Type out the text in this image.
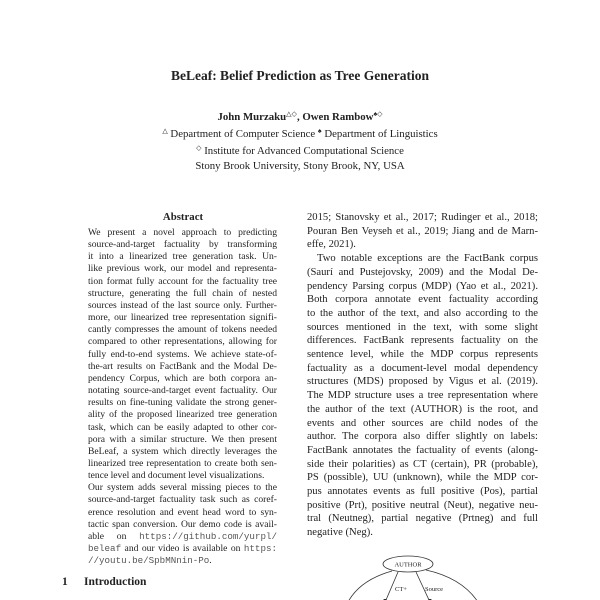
BeLeaf: Belief Prediction as Tree Generation
John Murzaku△◇, Owen Rambow♠◇
△ Department of Computer Science ♠ Department of Linguistics
◇ Institute for Advanced Computational Science
Stony Brook University, Stony Brook, NY, USA
Abstract
We present a novel approach to predicting
source-and-target factuality by transforming
it into a linearized tree generation task. Un-
like previous work, our model and representa-
tion format fully account for the factuality tree
structure, generating the full chain of nested
sources instead of the last source only. Further-
more, our linearized tree representation signifi-
cantly compresses the amount of tokens needed
compared to other representations, allowing for
fully end-to-end systems. We achieve state-of-
the-art results on FactBank and the Modal De-
pendency Corpus, which are both corpora an-
notating source-and-target event factuality. Our
results on fine-tuning validate the strong gener-
ality of the proposed linearized tree generation
task, which can be easily adapted to other cor-
pora with a similar structure. We then present
BeLeaf, a system which directly leverages the
linearized tree representation to create both sen-
tence level and document level visualizations.
Our system adds several missing pieces to the
source-and-target factuality task such as coref-
erence resolution and event head word to syn-
tactic span conversion. Our demo code is avail-
able on https://github.com/yurpl/
beleaf and our video is available on https:
//youtu.be/SpbMNnin-Po.
1 Introduction
2015; Stanovsky et al., 2017; Rudinger et al., 2018;
Pouran Ben Veyseh et al., 2019; Jiang and de Marn-
effe, 2021).
Two notable exceptions are the FactBank corpus
(Saurí and Pustejovsky, 2009) and the Modal De-
pendency Parsing corpus (MDP) (Yao et al., 2021).
Both corpora annotate event factuality according
to the author of the text, and also according to the
sources mentioned in the text, with some slight
differences. FactBank represents factuality on the
sentence level, while the MDP corpus represents
factuality as a document-level modal dependency
structures (MDS) proposed by Vigus et al. (2019).
The MDP structure uses a tree representation where
the author of the text (AUTHOR) is the root, and
events and other sources are child nodes of the
author. The corpora also differ slightly on labels:
FactBank annotates the factuality of events (along-
side their polarities) as CT (certain), PR (probable),
PS (possible), UU (unknown), while the MDP cor-
pus annotates events as full positive (Pos), partial
positive (Prt), positive neutral (Neut), negative neu-
tral (Neutneg), partial negative (Prtneg) and full
negative (Neg).
AUTHOR
CT+	Source
